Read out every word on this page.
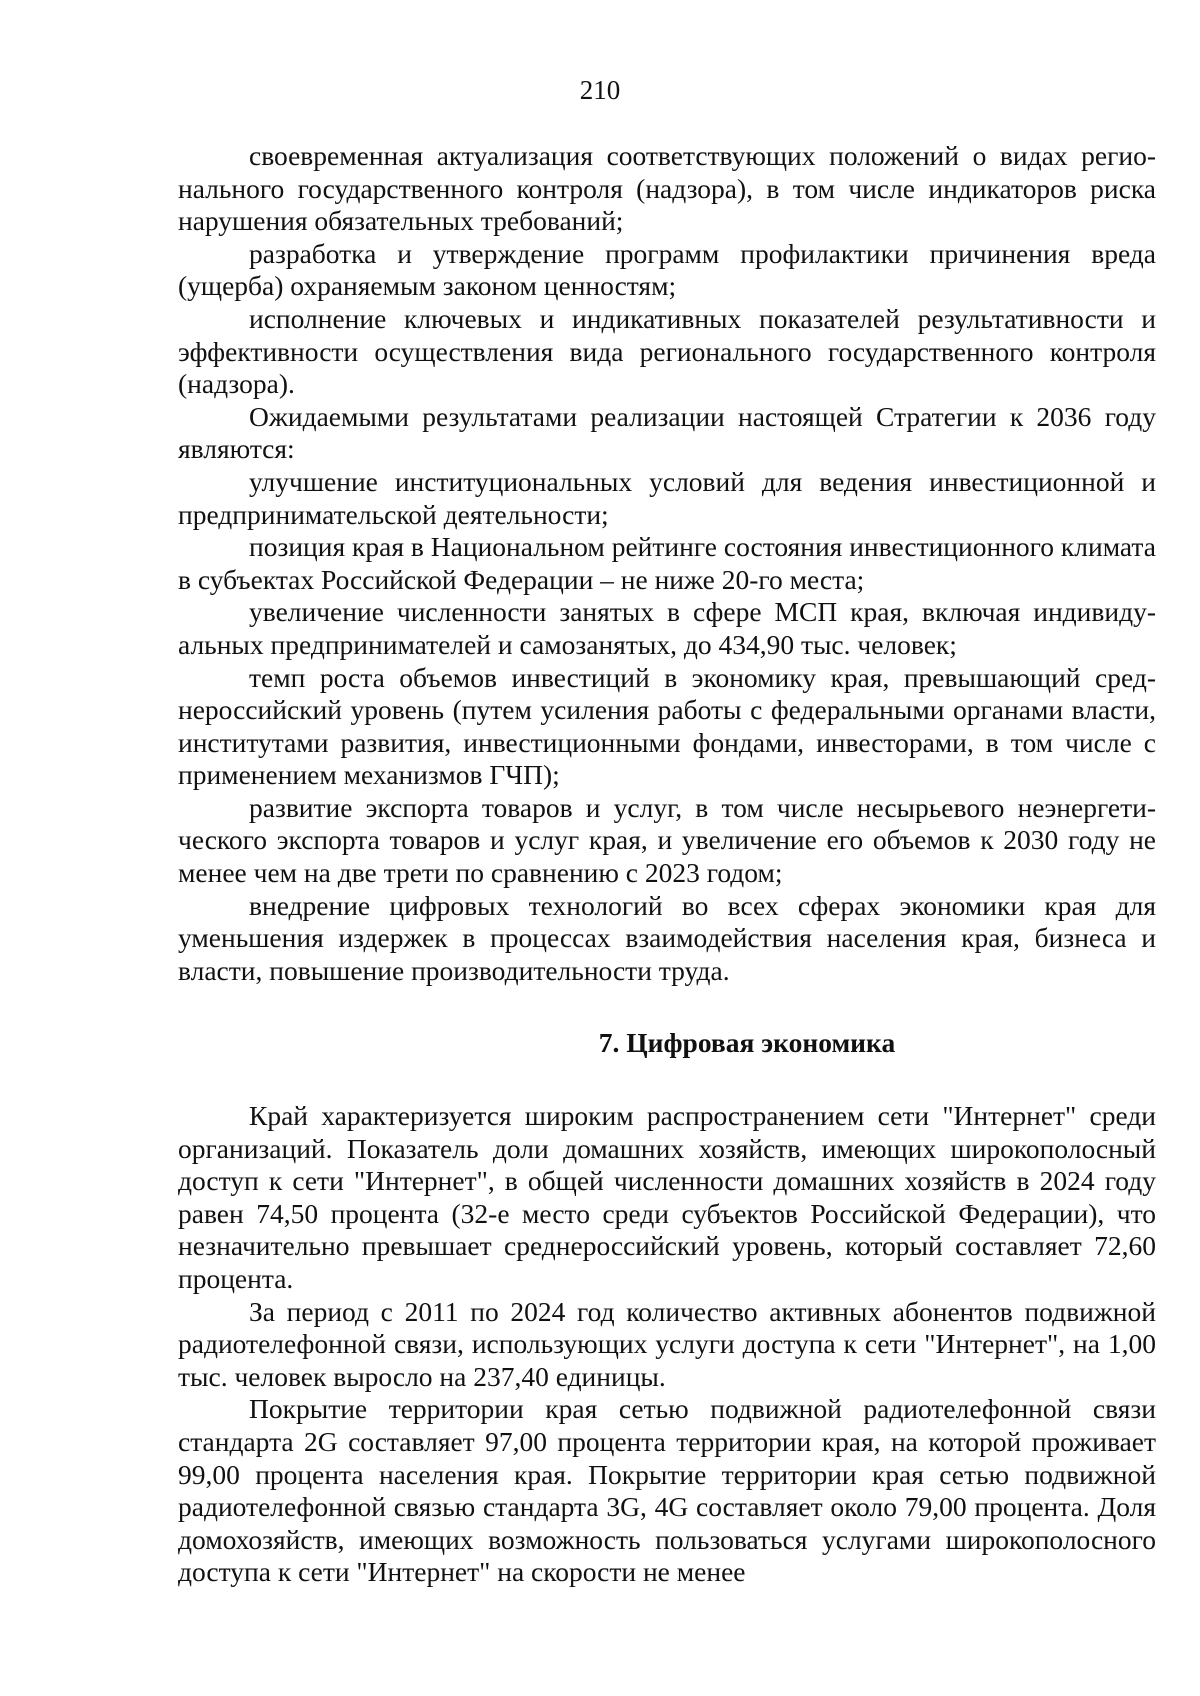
210

своевременная актуализация соответствующих положений о видах регионального государственного контроля (надзора), в том числе индикаторов риска нарушения обязательных требований;

разработка и утверждение программ профилактики причинения вреда (ущерба) охраняемым законом ценностям;

исполнение ключевых и индикативных показателей результативности и эффективности осуществления вида регионального государственного контроля (надзора).

Ожидаемыми результатами реализации настоящей Стратегии к 2036 году являются:

улучшение институциональных условий для ведения инвестиционной и предпринимательской деятельности;

позиция края в Национальном рейтинге состояния инвестиционного климата в субъектах Российской Федерации – не ниже 20-го места;

увеличение численности занятых в сфере МСП края, включая индивидуальных предпринимателей и самозанятых, до 434,90 тыс. человек;

темп роста объемов инвестиций в экономику края, превышающий среднероссийский уровень (путем усиления работы с федеральными органами власти, институтами развития, инвестиционными фондами, инвесторами, в том числе с применением механизмов ГЧП);

развитие экспорта товаров и услуг, в том числе несырьевого неэнергетического экспорта товаров и услуг края, и увеличение его объемов к 2030 году не менее чем на две трети по сравнению с 2023 годом;

внедрение цифровых технологий во всех сферах экономики края для уменьшения издержек в процессах взаимодействия населения края, бизнеса и власти, повышение производительности труда.

7. Цифровая экономика

Край характеризуется широким распространением сети "Интернет" среди организаций. Показатель доли домашних хозяйств, имеющих широкополосный доступ к сети "Интернет", в общей численности домашних хозяйств в 2024 году равен 74,50 процента (32-е место среди субъектов Российской Федерации), что незначительно превышает среднероссийский уровень, который составляет 72,60 процента.

За период с 2011 по 2024 год количество активных абонентов подвижной радиотелефонной связи, использующих услуги доступа к сети "Интернет", на 1,00 тыс. человек выросло на 237,40 единицы.

Покрытие территории края сетью подвижной радиотелефонной связи стандарта 2G составляет 97,00 процента территории края, на которой проживает 99,00 процента населения края. Покрытие территории края сетью подвижной радиотелефонной связью стандарта 3G, 4G составляет около 79,00 процента. Доля домохозяйств, имеющих возможность пользоваться услугами широкополосного доступа к сети "Интернет" на скорости не менее
